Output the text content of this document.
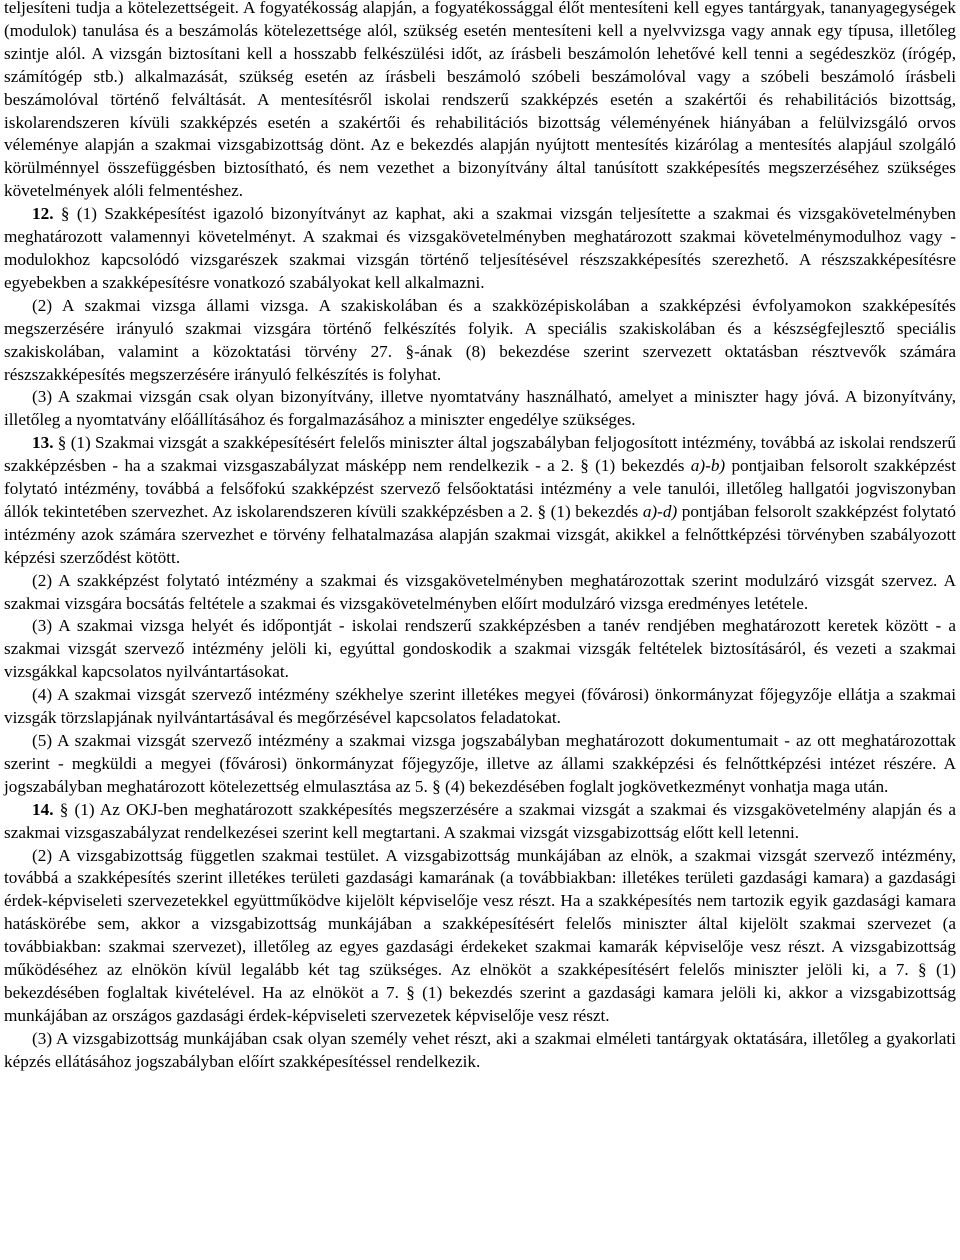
teljesíteni tudja a kötelezettségeit. A fogyatékosság alapján, a fogyatékossággal élőt mentesíteni kell egyes tantárgyak, tananyagegységek (modulok) tanulása és a beszámolás kötelezettsége alól, szükség esetén mentesíteni kell a nyelvvizsga vagy annak egy típusa, illetőleg szintje alól. A vizsgán biztosítani kell a hosszabb felkészülési időt, az írásbeli beszámolón lehetővé kell tenni a segédeszköz (írógép, számítógép stb.) alkalmazását, szükség esetén az írásbeli beszámoló szóbeli beszámolóval vagy a szóbeli beszámoló írásbeli beszámolóval történő felváltását. A mentesítésről iskolai rendszerű szakképzés esetén a szakértői és rehabilitációs bizottság, iskolarendszeren kívüli szakképzés esetén a szakértői és rehabilitációs bizottság véleményének hiányában a felülvizsgáló orvos véleménye alapján a szakmai vizsgabizottság dönt. Az e bekezdés alapján nyújtott mentesítés kizárólag a mentesítés alapjául szolgáló körülménnyel összefüggésben biztosítható, és nem vezethet a bizonyítvány által tanúsított szakképesítés megszerzéséhez szükséges követelmények alóli felmentéshez.

12. § (1) Szakképesítést igazoló bizonyítványt az kaphat, aki a szakmai vizsgán teljesítette a szakmai és vizsgakövetelményben meghatározott valamennyi követelményt. A szakmai és vizsgakövetelményben meghatározott szakmai követelménymodulhoz vagy -modulokhoz kapcsolódó vizsgarészek szakmai vizsgán történő teljesítésével részszakképesítés szerezhető. A részszakképesítésre egyebekben a szakképesítésre vonatkozó szabályokat kell alkalmazni.

(2) A szakmai vizsga állami vizsga. A szakiskolában és a szakközépiskolában a szakképzési évfolyamokon szakképesítés megszerzésére irányuló szakmai vizsgára történő felkészítés folyik. A speciális szakiskolában és a készségfejlesztő speciális szakiskolában, valamint a közoktatási törvény 27. §-ának (8) bekezdése szerint szervezett oktatásban résztvevők számára részszakképesítés megszerzésére irányuló felkészítés is folyhat.

(3) A szakmai vizsgán csak olyan bizonyítvány, illetve nyomtatvány használható, amelyet a miniszter hagy jóvá. A bizonyítvány, illetőleg a nyomtatvány előállításához és forgalmazásához a miniszter engedélye szükséges.

13. § (1) Szakmai vizsgát a szakképesítésért felelős miniszter által jogszabályban feljogosított intézmény, továbbá az iskolai rendszerű szakképzésben - ha a szakmai vizsgaszabályzat másképp nem rendelkezik - a 2. § (1) bekezdés a)-b) pontjaiban felsorolt szakképzést folytató intézmény, továbbá a felsőfokú szakképzést szervező felsőoktatási intézmény a vele tanulói, illetőleg hallgatói jogviszonyban állók tekintetében szervezhet. Az iskolarendszeren kívüli szakképzésben a 2. § (1) bekezdés a)-d) pontjában felsorolt szakképzést folytató intézmény azok számára szervezhet e törvény felhatalmazása alapján szakmai vizsgát, akikkel a felnőttképzési törvényben szabályozott képzési szerződést kötött.

(2) A szakképzést folytató intézmény a szakmai és vizsgakövetelményben meghatározottak szerint modulzáró vizsgát szervez. A szakmai vizsgára bocsátás feltétele a szakmai és vizsgakövetelményben előírt modulzáró vizsga eredményes letétele.

(3) A szakmai vizsga helyét és időpontját - iskolai rendszerű szakképzésben a tanév rendjében meghatározott keretek között - a szakmai vizsgát szervező intézmény jelöli ki, egyúttal gondoskodik a szakmai vizsgák feltételek biztosításáról, és vezeti a szakmai vizsgákkal kapcsolatos nyilvántartásokat.

(4) A szakmai vizsgát szervező intézmény székhelye szerint illetékes megyei (fővárosi) önkormányzat főjegyzője ellátja a szakmai vizsgák törzslapjának nyilvántartásával és megőrzésével kapcsolatos feladatokat.

(5) A szakmai vizsgát szervező intézmény a szakmai vizsga jogszabályban meghatározott dokumentumait - az ott meghatározottak szerint - megküldi a megyei (fővárosi) önkormányzat főjegyzője, illetve az állami szakképzési és felnőttképzési intézet részére. A jogszabályban meghatározott kötelezettség elmulasztása az 5. § (4) bekezdésében foglalt jogkövetkezményt vonhatja maga után.

14. § (1) Az OKJ-ben meghatározott szakképesítés megszerzésére a szakmai vizsgát a szakmai és vizsgakövetelmény alapján és a szakmai vizsgaszabályzat rendelkezései szerint kell megtartani. A szakmai vizsgát vizsgabizottság előtt kell letenni.

(2) A vizsgabizottság független szakmai testület. A vizsgabizottság munkájában az elnök, a szakmai vizsgát szervező intézmény, továbbá a szakképesítés szerint illetékes területi gazdasági kamarának (a továbbiakban: illetékes területi gazdasági kamara) a gazdasági érdek-képviseleti szervezetekkel együttműködve kijelölt képviselője vesz részt. Ha a szakképesítés nem tartozik egyik gazdasági kamara hatáskörébe sem, akkor a vizsgabizottság munkájában a szakképesítésért felelős miniszter által kijelölt szakmai szervezet (a továbbiakban: szakmai szervezet), illetőleg az egyes gazdasági érdekeket szakmai kamarák képviselője vesz részt. A vizsgabizottság működéséhez az elnökön kívül legalább két tag szükséges. Az elnököt a szakképesítésért felelős miniszter jelöli ki, a 7. § (1) bekezdésében foglaltak kivételével. Ha az elnököt a 7. § (1) bekezdés szerint a gazdasági kamara jelöli ki, akkor a vizsgabizottság munkájában az országos gazdasági érdek-képviseleti szervezetek képviselője vesz részt.

(3) A vizsgabizottság munkájában csak olyan személy vehet részt, aki a szakmai elméleti tantárgyak oktatására, illetőleg a gyakorlati képzés ellátásához jogszabályban előírt szakképesítéssel rendelkezik.
